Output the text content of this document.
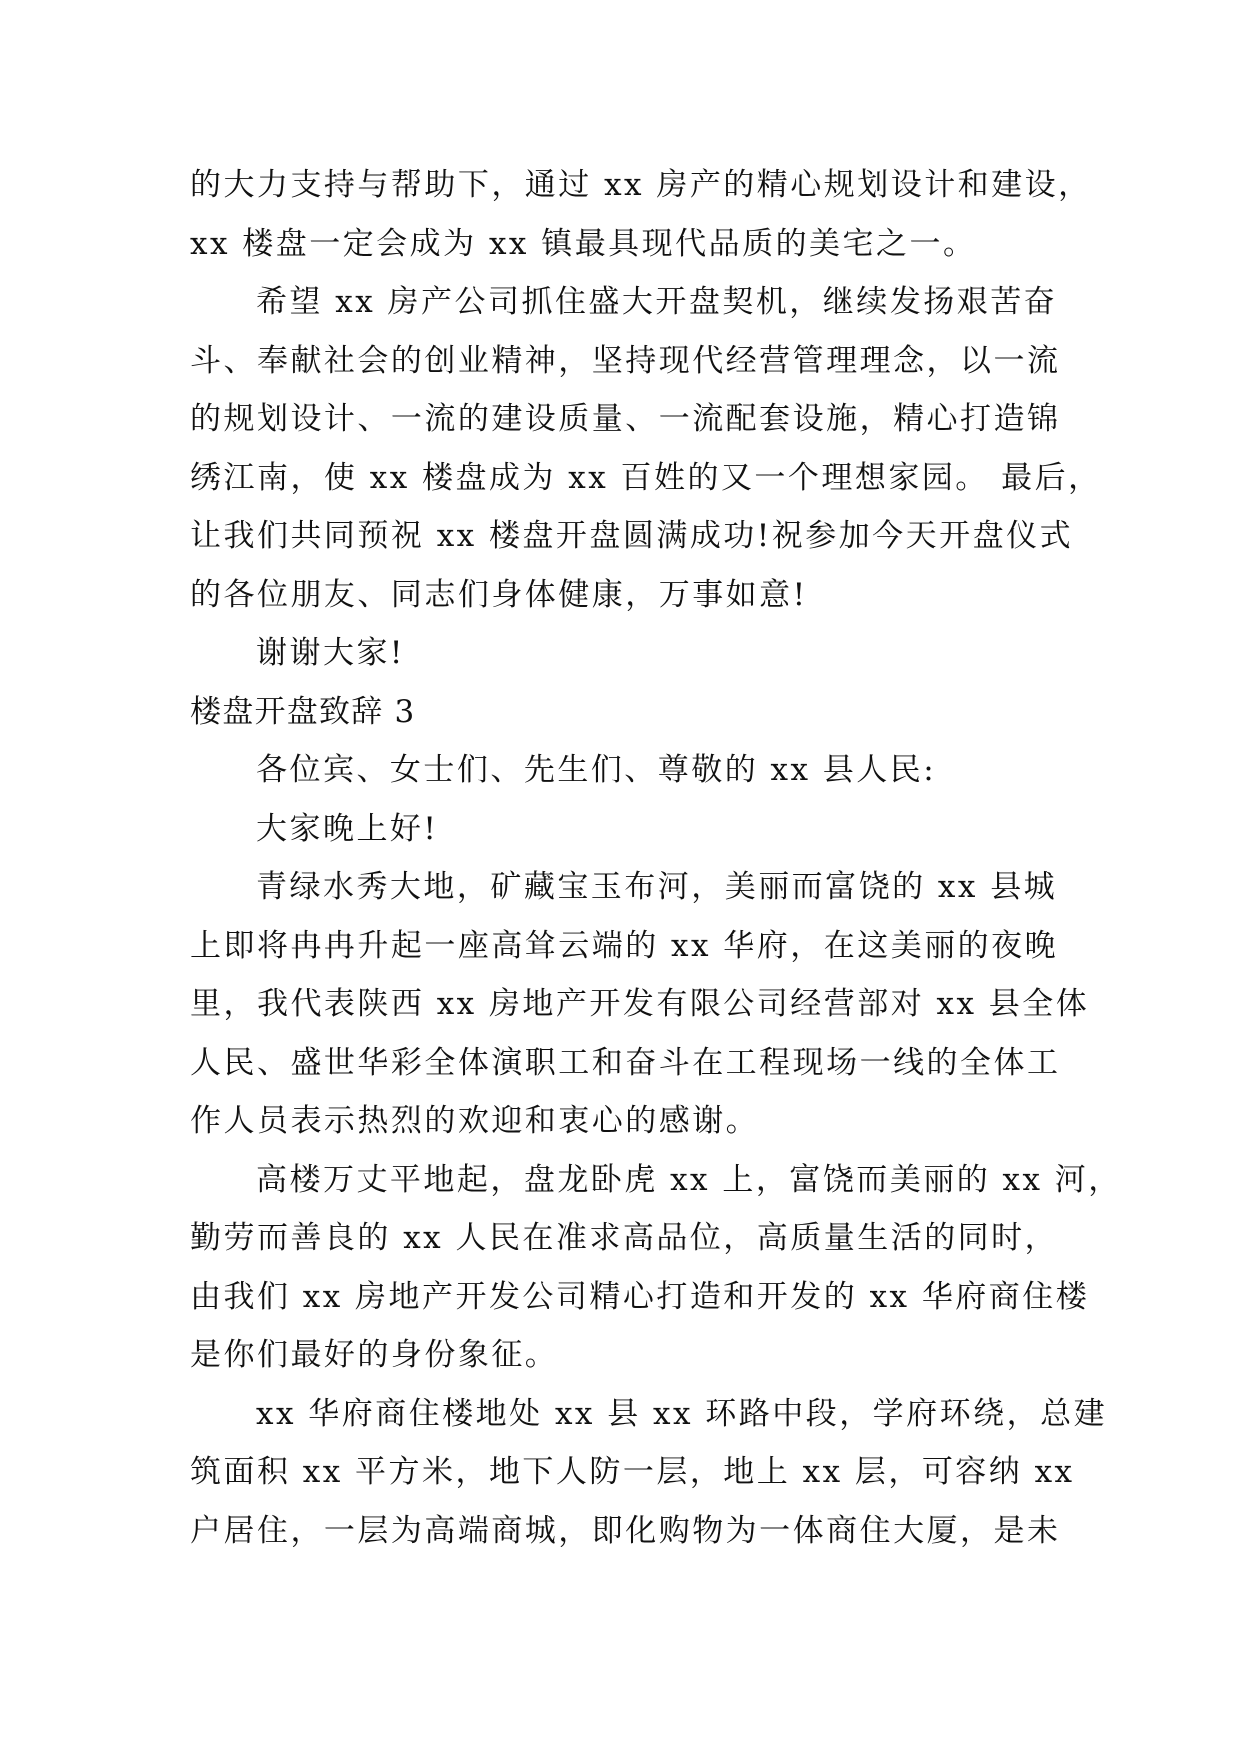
的大力支持与帮助下，通过 xx 房产的精心规划设计和建设，
xx 楼盘一定会成为 xx 镇最具现代品质的美宅之一。
希望 xx 房产公司抓住盛大开盘契机，继续发扬艰苦奋
斗、奉献社会的创业精神，坚持现代经营管理理念，以一流
的规划设计、一流的建设质量、一流配套设施，精心打造锦
绣江南，使 xx 楼盘成为 xx 百姓的又一个理想家园。 最后，
让我们共同预祝 xx 楼盘开盘圆满成功!祝参加今天开盘仪式
的各位朋友、同志们身体健康，万事如意!
谢谢大家!
楼盘开盘致辞 3
各位宾、女士们、先生们、尊敬的 xx 县人民:
大家晚上好!
青绿水秀大地，矿藏宝玉布河，美丽而富饶的 xx 县城
上即将冉冉升起一座高耸云端的 xx 华府，在这美丽的夜晚
里，我代表陕西 xx 房地产开发有限公司经营部对 xx 县全体
人民、盛世华彩全体演职工和奋斗在工程现场一线的全体工
作人员表示热烈的欢迎和衷心的感谢。
高楼万丈平地起，盘龙卧虎 xx 上，富饶而美丽的 xx 河，
勤劳而善良的 xx 人民在准求高品位，高质量生活的同时，
由我们 xx 房地产开发公司精心打造和开发的 xx 华府商住楼
是你们最好的身份象征。
xx 华府商住楼地处 xx 县 xx 环路中段，学府环绕，总建
筑面积 xx 平方米，地下人防一层，地上 xx 层，可容纳 xx
户居住，一层为高端商城，即化购物为一体商住大厦，是未
